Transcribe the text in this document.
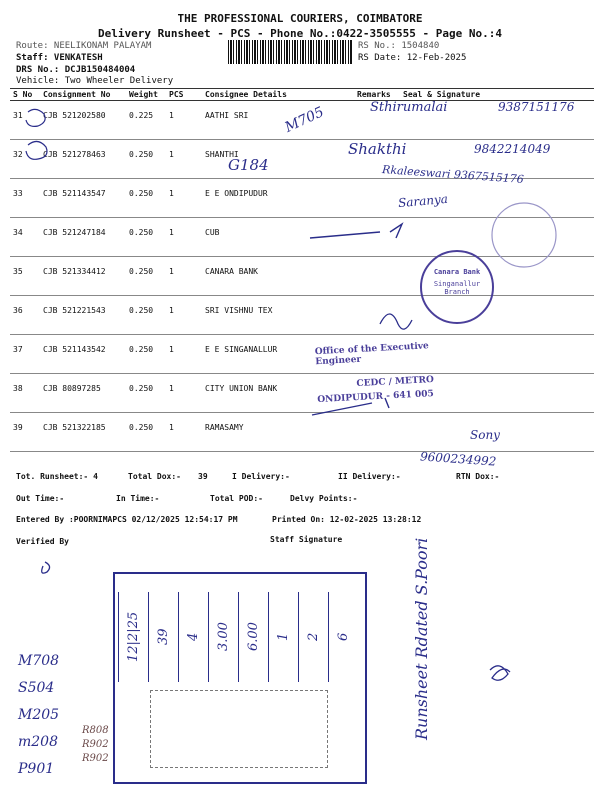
THE PROFESSIONAL COURIERS, COIMBATORE
Delivery Runsheet - PCS - Phone No.:0422-3505555 - Page No.:4
Route: NEELIKONAM PALAYAM
Staff: VENKATESH
DRS No.: DCJB150484004
Vehicle: Two Wheeler Delivery
RS No.: 1504840
RS Date: 12-Feb-2025
S No	Consignment No	Weight	PCS	Consignee Details	Remarks	Seal & Signature
31	CJB 521202580	0.225	1	AATHI SRI		
32	CJB 521278463	0.250	1	SHANTHI		
33	CJB 521143547	0.250	1	E E ONDIPUDUR		
34	CJB 521247184	0.250	1	CUB		
35	CJB 521334412	0.250	1	CANARA BANK		
36	CJB 521221543	0.250	1	SRI VISHNU TEX		
37	CJB 521143542	0.250	1	E E SINGANALLUR		
38	CJB 80897285	0.250	1	CITY UNION BANK		
39	CJB 521322185	0.250	1	RAMASAMY		
M705	Sthirumalai	9387151176
G184
Shakthi	9842214049
Rkaleeswari 9367515176
Saranya
Sony
9600234992
Canara Bank
Singanallur
Branch
Office of the Executive Engineer
CEDC / METRO
ONDIPUDUR - 641 005
Tot. Runsheet:- 4	Total Dox:- 39	I Delivery:-	II Delivery:-	RTN Dox:-
Out Time:-	In Time:-	Total POD:-	Delvy Points:-
Entered By :POORNIMAPCS 02/12/2025 12:54:17 PM	Printed On: 12-02-2025 13:28:12
Verified By	Staff Signature
12|2|25	39	4	3.00	6.00	1	2	6
M708
S504
M205
m208
P901
R808
R902
R902
Runsheet Rdated S.Poori
